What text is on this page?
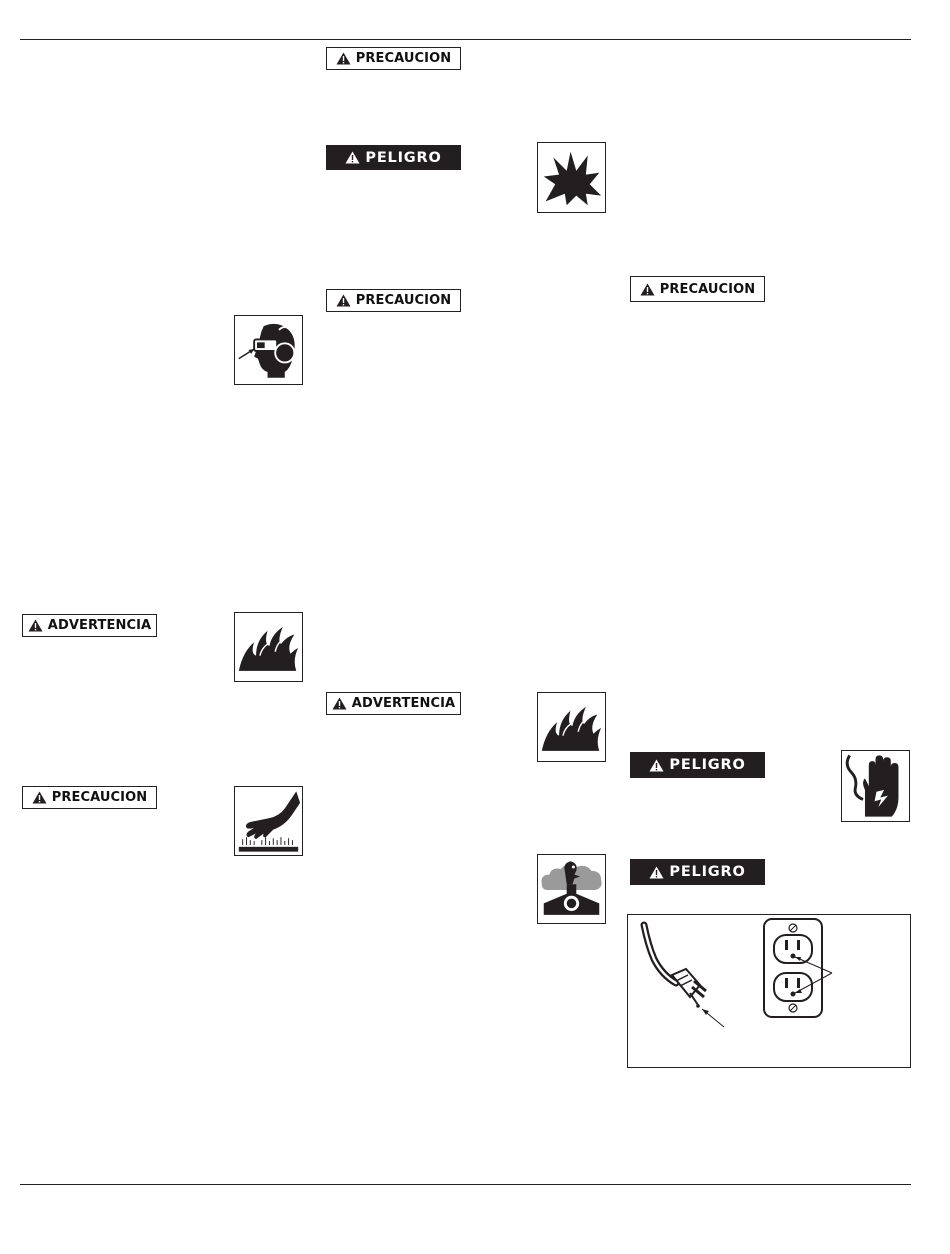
ADVERTENCIA
PRECAUCION
PRECAUCION
PELIGRO
PRECAUCION
ADVERTENCIA
PRECAUCION
PELIGRO
PELIGRO
